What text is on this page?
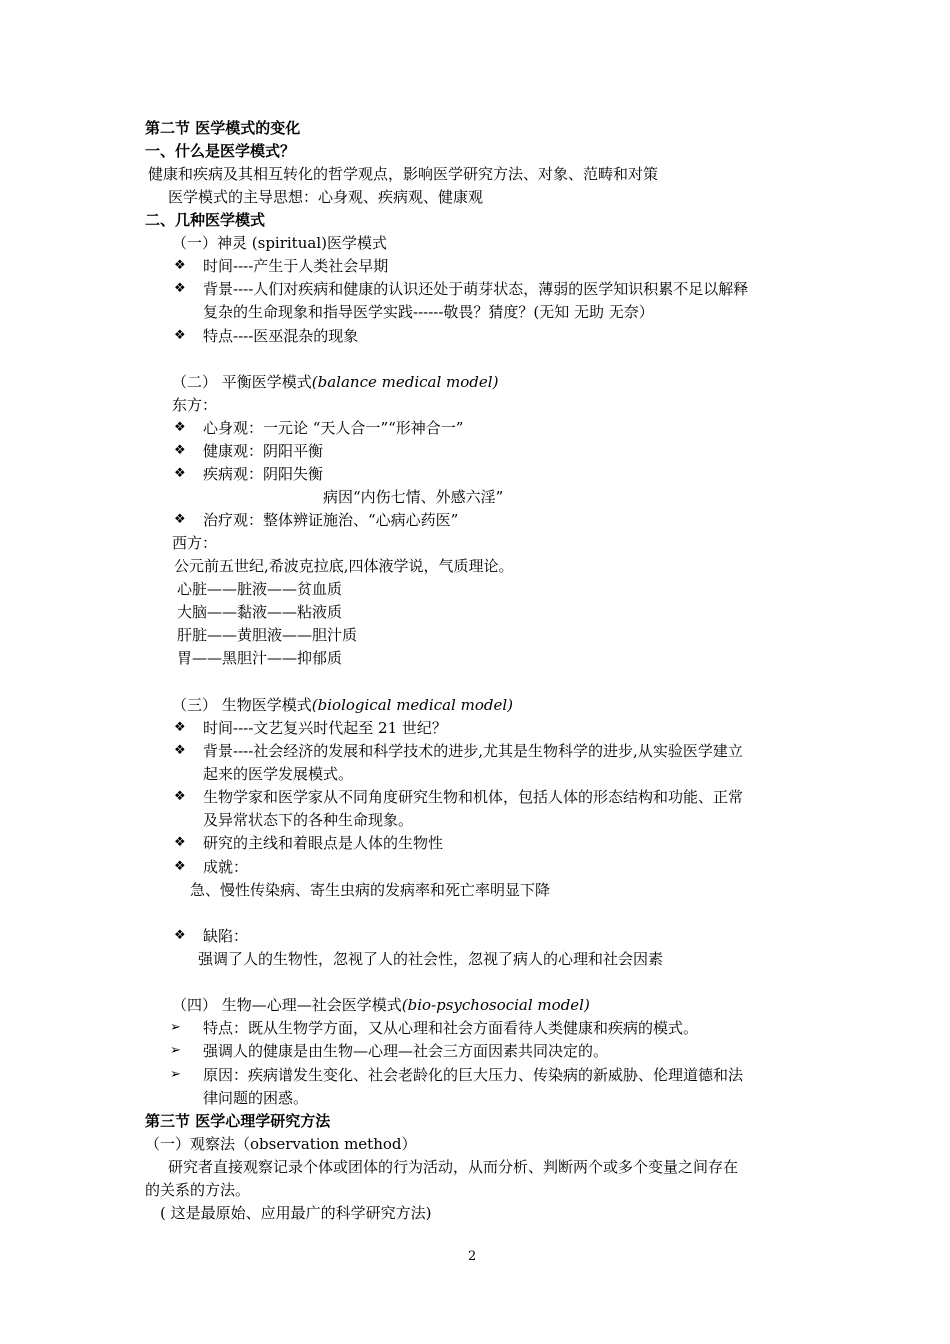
第二节 医学模式的变化
一、什么是医学模式？
健康和疾病及其相互转化的哲学观点，影响医学研究方法、对象、范畴和对策
医学模式的主导思想：心身观、疾病观、健康观
二、几种医学模式
（一）神灵 (spiritual)医学模式
❖ 时间----产生于人类社会早期
❖ 背景----人们对疾病和健康的认识还处于萌芽状态，薄弱的医学知识积累不足以解释
复杂的生命现象和指导医学实践------敬畏？猜度？(无知 无助 无奈）
❖ 特点----医巫混杂的现象
（二） 平衡医学模式(balance medical model)
东方：
❖ 心身观：一元论 “天人合一”“形神合一”
❖ 健康观：阴阳平衡
❖ 疾病观：阴阳失衡
病因“内伤七情、外感六淫”
❖ 治疗观：整体辨证施治、“心病心药医”
西方：
公元前五世纪,希波克拉底,四体液学说，气质理论。
心脏——脏液——贫血质
大脑——黏液——粘液质
肝脏——黄胆液——胆汁质
胃——黑胆汁——抑郁质
（三） 生物医学模式(biological medical model)
❖ 时间----文艺复兴时代起至 21 世纪？
❖ 背景----社会经济的发展和科学技术的进步,尤其是生物科学的进步,从实验医学建立
起来的医学发展模式。
❖ 生物学家和医学家从不同角度研究生物和机体，包括人体的形态结构和功能、正常
及异常状态下的各种生命现象。
❖ 研究的主线和着眼点是人体的生物性
❖ 成就：
急、慢性传染病、寄生虫病的发病率和死亡率明显下降
❖ 缺陷：
强调了人的生物性，忽视了人的社会性，忽视了病人的心理和社会因素
（四） 生物—心理—社会医学模式(bio-psychosocial model)
➢ 特点：既从生物学方面，又从心理和社会方面看待人类健康和疾病的模式。
➢ 强调人的健康是由生物—心理—社会三方面因素共同决定的。
➢ 原因：疾病谱发生变化、社会老龄化的巨大压力、传染病的新威胁、伦理道德和法
律问题的困惑。
第三节 医学心理学研究方法
（一）观察法（observation method）
研究者直接观察记录个体或团体的行为活动，从而分析、判断两个或多个变量之间存在
的关系的方法。
( 这是最原始、应用最广的科学研究方法)
2
